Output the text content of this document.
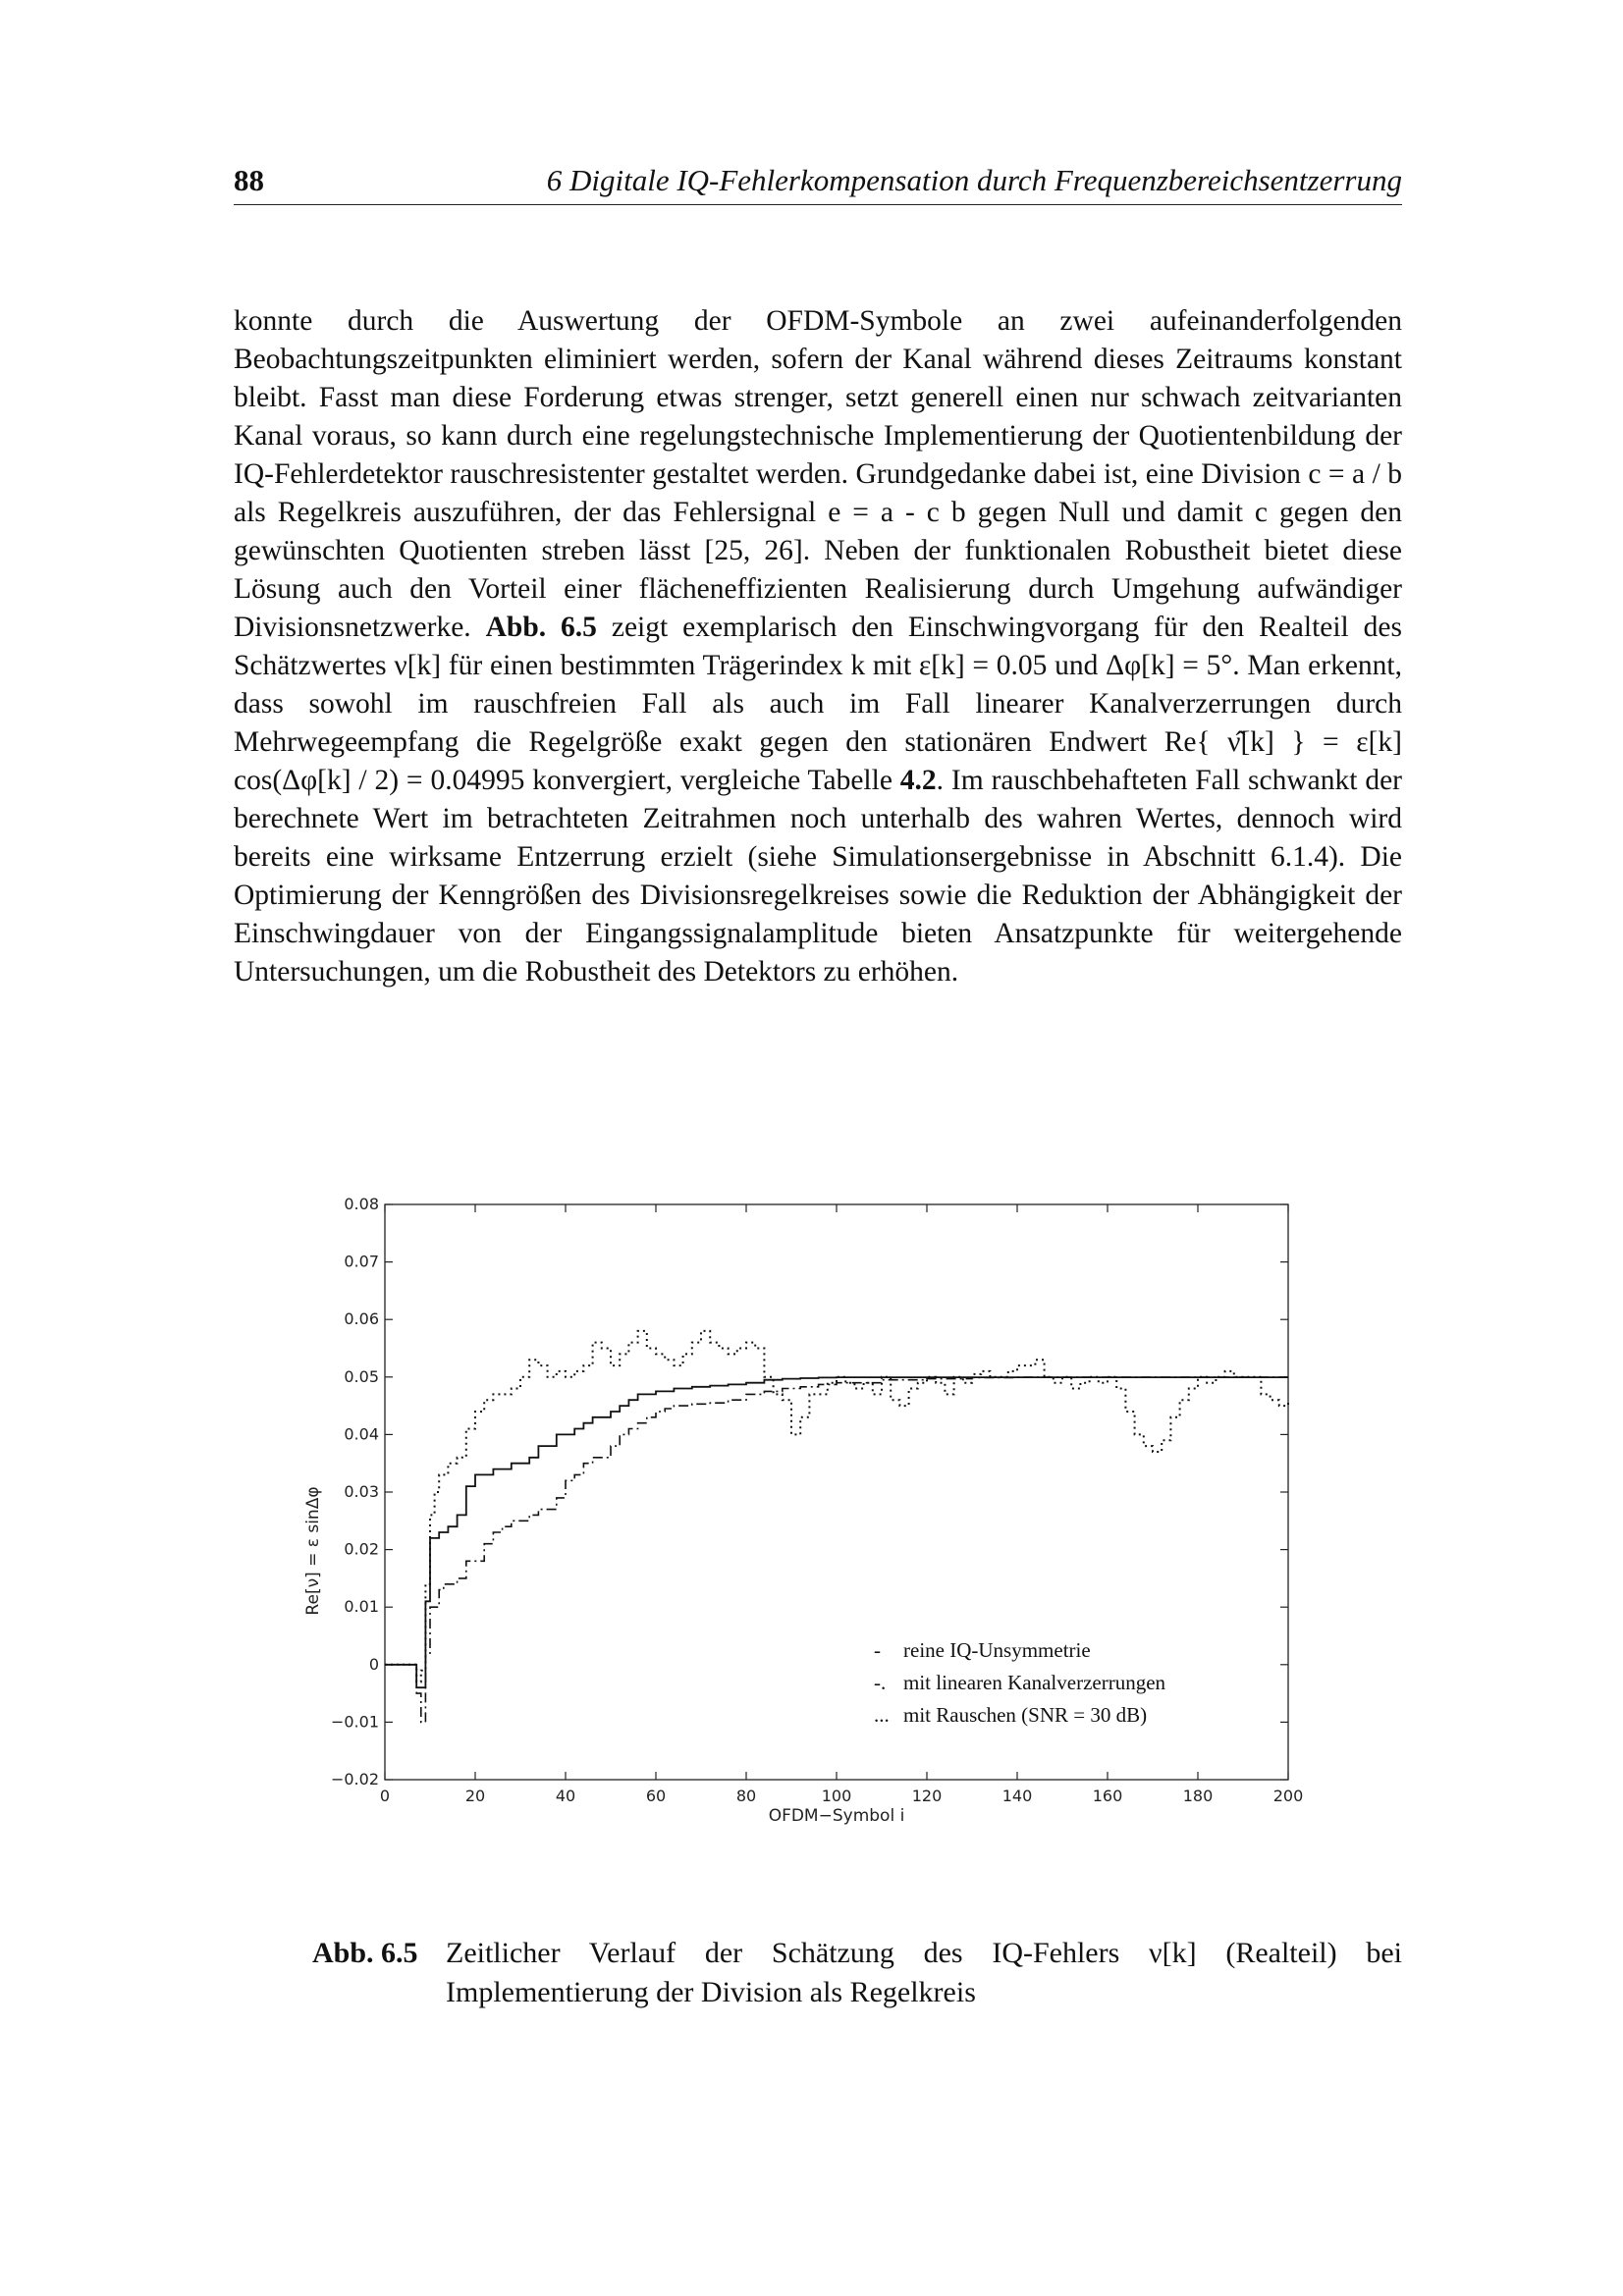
88	6 Digitale IQ-Fehlerkompensation durch Frequenzbereichsentzerrung

konnte durch die Auswertung der OFDM-Symbole an zwei aufeinanderfolgenden Beobachtungszeitpunkten eliminiert werden, sofern der Kanal während dieses Zeitraums konstant bleibt. Fasst man diese Forderung etwas strenger, setzt generell einen nur schwach zeitvarianten Kanal voraus, so kann durch eine regelungstechnische Implementierung der Quotientenbildung der IQ-Fehlerdetektor rauschresistenter gestaltet werden. Grundgedanke dabei ist, eine Division c = a / b als Regelkreis auszuführen, der das Fehlersignal e = a - c b gegen Null und damit c gegen den gewünschten Quotienten streben lässt [25, 26]. Neben der funktionalen Robustheit bietet diese Lösung auch den Vorteil einer flächeneffizienten Realisierung durch Umgehung aufwändiger Divisionsnetzwerke. Abb. 6.5 zeigt exemplarisch den Einschwingvorgang für den Realteil des Schätzwertes ν[k] für einen bestimmten Trägerindex k mit ε[k] = 0.05 und Δφ[k] = 5°. Man erkennt, dass sowohl im rauschfreien Fall als auch im Fall linearer Kanalverzerrungen durch Mehrwegeempfang die Regelgröße exakt gegen den stationären Endwert Re{ ν̂[k] } = ε[k] cos(Δφ[k] / 2) = 0.04995 konvergiert, vergleiche Tabelle 4.2. Im rauschbehafteten Fall schwankt der berechnete Wert im betrachteten Zeitrahmen noch unterhalb des wahren Wertes, dennoch wird bereits eine wirksame Entzerrung erzielt (siehe Simulationsergebnisse in Abschnitt 6.1.4). Die Optimierung der Kenngrößen des Divisionsregelkreises sowie die Reduktion der Abhängigkeit der Einschwingdauer von der Eingangssignalamplitude bieten Ansatzpunkte für weitergehende Untersuchungen, um die Robustheit des Detektors zu erhöhen.

0	20	40	60	80	100	120	140	160	180	200
−0.02
−0.01
0
0.01
0.02
0.03
0.04
0.05
0.06
0.07
0.08
OFDM−Symbol i
Re[ν] = ε sinΔφ
- reine IQ-Unsymmetrie
-. mit linearen Kanalverzerrungen
... mit Rauschen (SNR = 30 dB)
Abb. 6.5 Zeitlicher Verlauf der Schätzung des IQ-Fehlers ν[k] (Realteil) bei Implementierung der Division als Regelkreis
